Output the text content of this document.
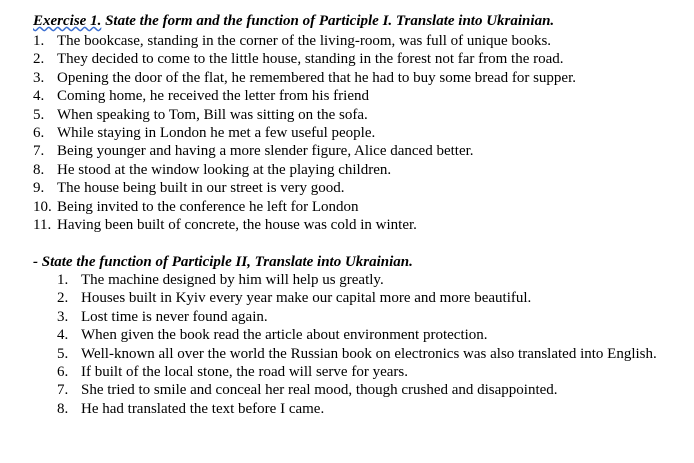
Exercise 1. State the form and the function of Participle I. Translate into Ukrainian.
1. The bookcase, standing in the corner of the living-room, was full of unique books.
2. They decided to come to the little house, standing in the forest not far from the road.
3. Opening the door of the flat, he remembered that he had to buy some bread for supper.
4. Coming home, he received the letter from his friend
5. When speaking to Tom, Bill was sitting on the sofa.
6. While staying in London he met a few useful people.
7. Being younger and having a more slender figure, Alice danced better.
8. He stood at the window looking at the playing children.
9. The house being built in our street is very good.
10. Being invited to the conference he left for London
11. Having been built of concrete, the house was cold in winter.
- State the function of Participle II, Translate into Ukrainian.
1. The machine designed by him will help us greatly.
2. Houses built in Kyiv every year make our capital more and more beautiful.
3. Lost time is never found again.
4. When given the book read the article about environment protection.
5. Well-known all over the world the Russian book on electronics was also translated into English.
6. If built of the local stone, the road will serve for years.
7. She tried to smile and conceal her real mood, though crushed and disappointed.
8. He had translated the text before I came.
